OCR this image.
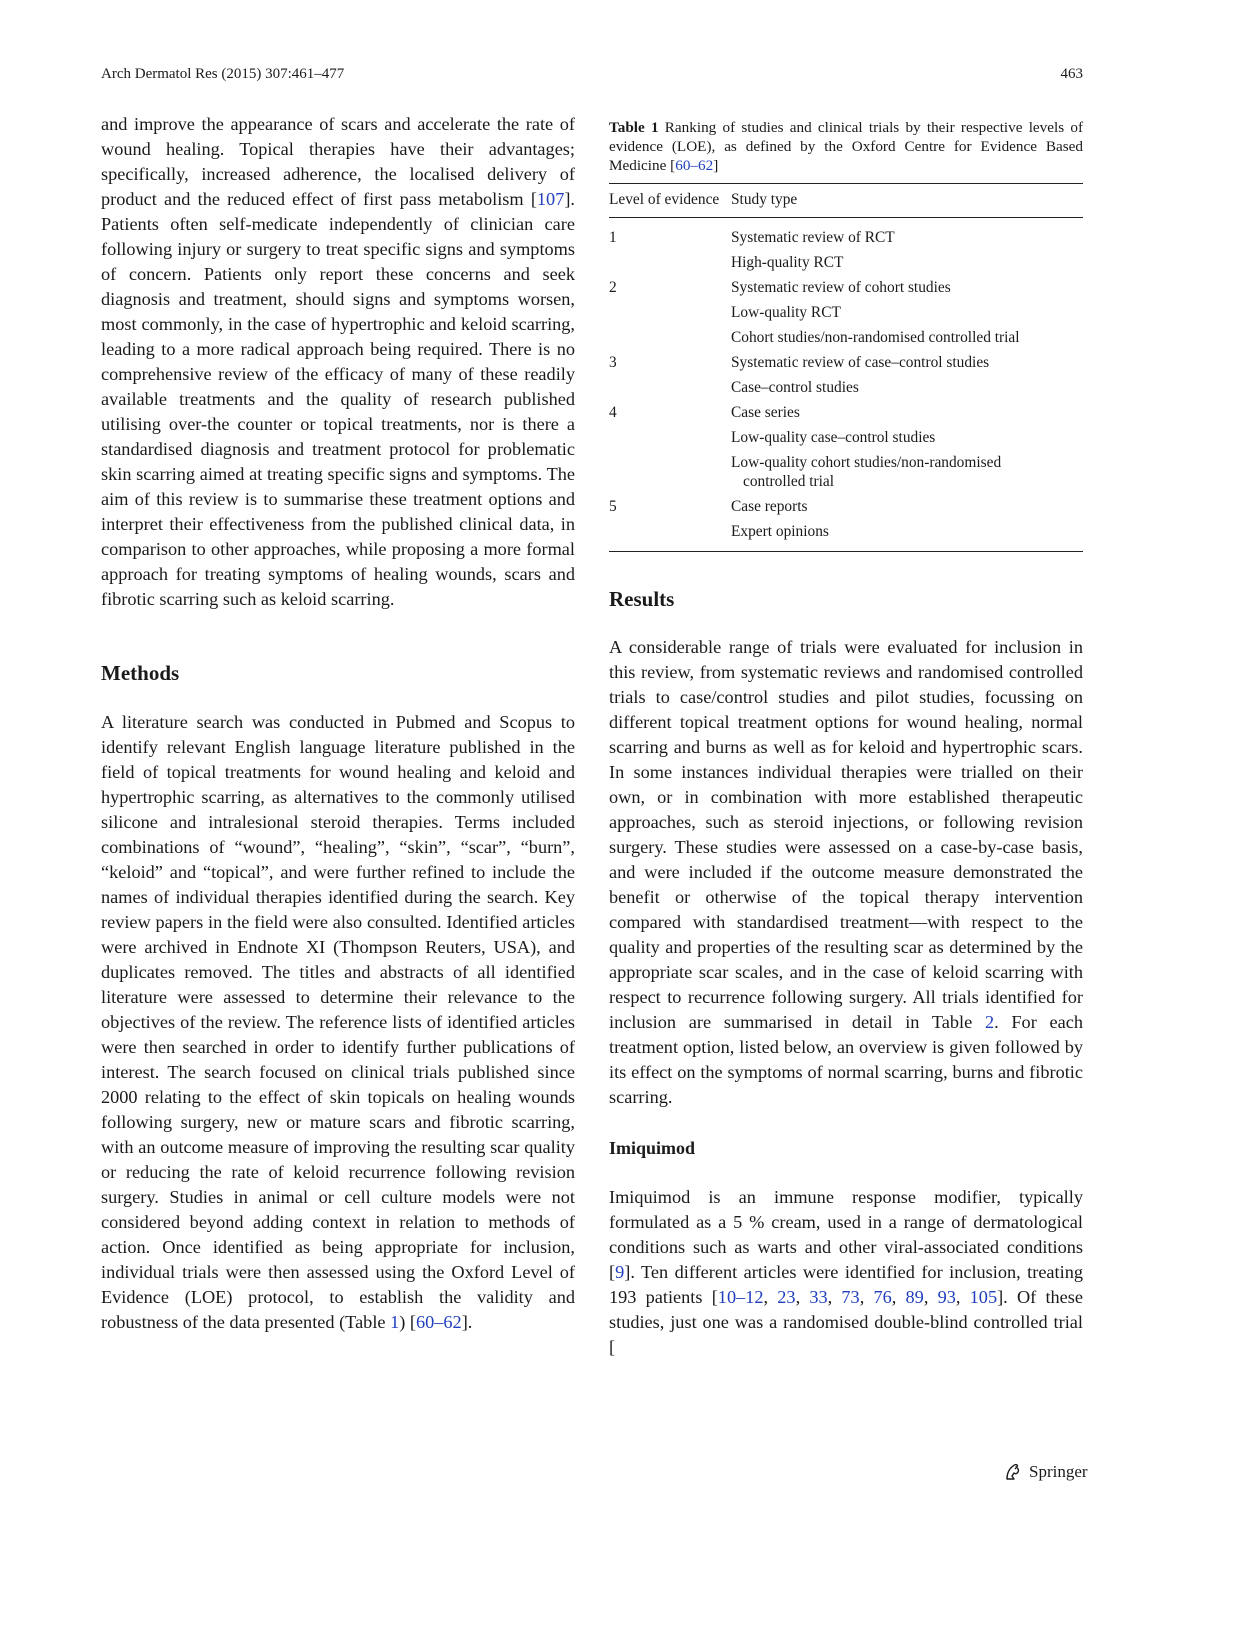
Arch Dermatol Res (2015) 307:461–477	463

and improve the appearance of scars and accelerate the rate of wound healing. Topical therapies have their advantages; specifically, increased adherence, the localised delivery of product and the reduced effect of first pass metabolism [107]. Patients often self-medicate independently of clinician care following injury or surgery to treat specific signs and symptoms of concern. Patients only report these concerns and seek diagnosis and treatment, should signs and symptoms worsen, most commonly, in the case of hypertrophic and keloid scarring, leading to a more radical approach being required. There is no comprehensive review of the efficacy of many of these readily available treatments and the quality of research published utilising over-the counter or topical treatments, nor is there a standardised diagnosis and treatment protocol for problematic skin scarring aimed at treating specific signs and symptoms. The aim of this review is to summarise these treatment options and interpret their effectiveness from the published clinical data, in comparison to other approaches, while proposing a more formal approach for treating symptoms of healing wounds, scars and fibrotic scarring such as keloid scarring.

Methods

A literature search was conducted in Pubmed and Scopus to identify relevant English language literature published in the field of topical treatments for wound healing and keloid and hypertrophic scarring, as alternatives to the commonly utilised silicone and intralesional steroid therapies. Terms included combinations of “wound”, “healing”, “skin”, “scar”, “burn”, “keloid” and “topical”, and were further refined to include the names of individual therapies identified during the search. Key review papers in the field were also consulted. Identified articles were archived in Endnote XI (Thompson Reuters, USA), and duplicates removed. The titles and abstracts of all identified literature were assessed to determine their relevance to the objectives of the review. The reference lists of identified articles were then searched in order to identify further publications of interest. The search focused on clinical trials published since 2000 relating to the effect of skin topicals on healing wounds following surgery, new or mature scars and fibrotic scarring, with an outcome measure of improving the resulting scar quality or reducing the rate of keloid recurrence following revision surgery. Studies in animal or cell culture models were not considered beyond adding context in relation to methods of action. Once identified as being appropriate for inclusion, individual trials were then assessed using the Oxford Level of Evidence (LOE) protocol, to establish the validity and robustness of the data presented (Table 1) [60–62].

Table 1 Ranking of studies and clinical trials by their respective levels of evidence (LOE), as defined by the Oxford Centre for Evidence Based Medicine [60–62]
Level of evidence	Study type
1	Systematic review of RCT
	High-quality RCT
2	Systematic review of cohort studies
	Low-quality RCT
	Cohort studies/non-randomised controlled trial
3	Systematic review of case–control studies
	Case–control studies
4	Case series
	Low-quality case–control studies
	Low-quality cohort studies/non-randomised
controlled trial
5	Case reports
	Expert opinions
Results

A considerable range of trials were evaluated for inclusion in this review, from systematic reviews and randomised controlled trials to case/control studies and pilot studies, focussing on different topical treatment options for wound healing, normal scarring and burns as well as for keloid and hypertrophic scars. In some instances individual therapies were trialled on their own, or in combination with more established therapeutic approaches, such as steroid injections, or following revision surgery. These studies were assessed on a case-by-case basis, and were included if the outcome measure demonstrated the benefit or otherwise of the topical therapy intervention compared with standardised treatment—with respect to the quality and properties of the resulting scar as determined by the appropriate scar scales, and in the case of keloid scarring with respect to recurrence following surgery. All trials identified for inclusion are summarised in detail in Table 2. For each treatment option, listed below, an overview is given followed by its effect on the symptoms of normal scarring, burns and fibrotic scarring.

Imiquimod

Imiquimod is an immune response modifier, typically formulated as a 5 % cream, used in a range of dermatological conditions such as warts and other viral-associated conditions [9]. Ten different articles were identified for inclusion, treating 193 patients [10–12, 23, 33, 73, 76, 89, 93, 105]. Of these studies, just one was a randomised double-blind controlled trial [

Springer
